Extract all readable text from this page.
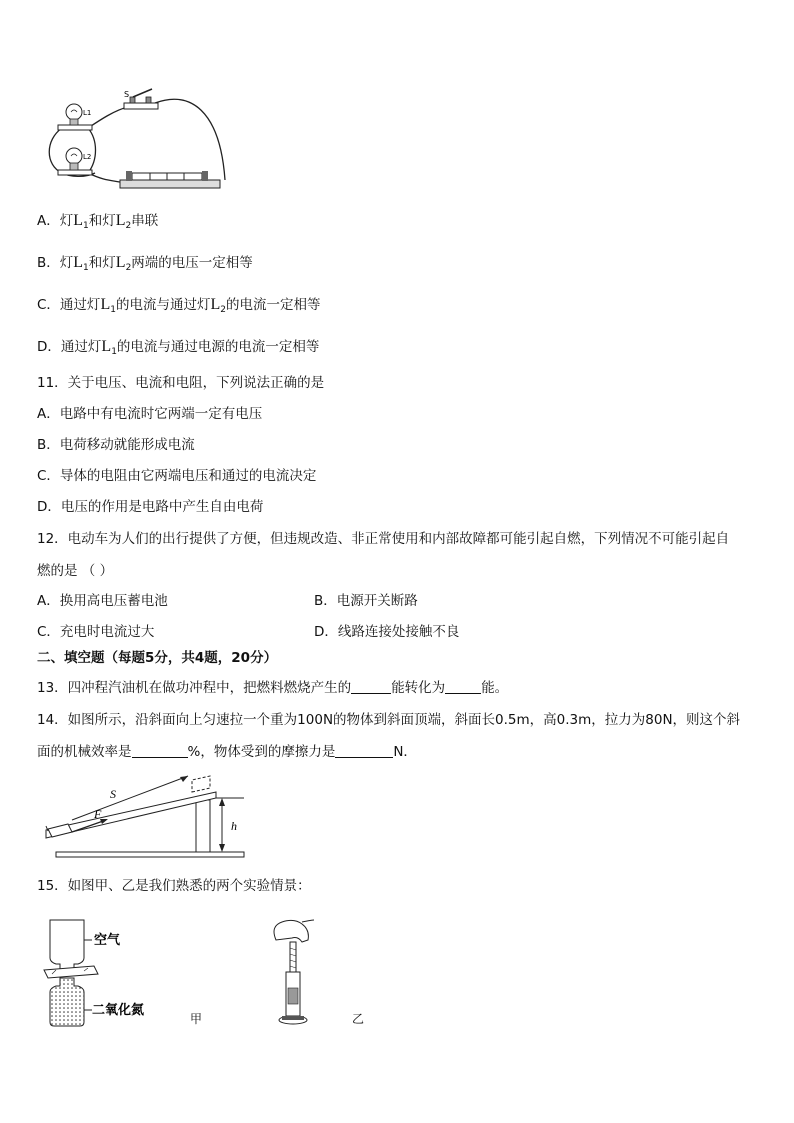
S
L1
L2
A．灯$L_1$和灯$L_2$串联
B．灯$L_1$和灯$L_2$两端的电压一定相等
C．通过灯$L_1$的电流与通过灯$L_2$的电流一定相等
D．通过灯$L_1$的电流与通过电源的电流一定相等
11．关于电压、电流和电阻，下列说法正确的是
A．电路中有电流时它两端一定有电压
B．电荷移动就能形成电流
C．导体的电阻由它两端电压和通过的电流决定
D．电压的作用是电路中产生自由电荷
12．电动车为人们的出行提供了方便，但违规改造、非正常使用和内部故障都可能引起自燃，下列情况不可能引起自
燃的是 （ ）
A．换用高电压蓄电池	B．电源开关断路
C．充电时电流过大	D．线路连接处接触不良
二、填空题（每题5分，共4题，20分）
13．四冲程汽油机在做功冲程中，把燃料燃烧产生的	能转化为	能。
14．如图所示，沿斜面向上匀速拉一个重为100N的物体到斜面顶端，斜面长0.5m，高0.3m，拉力为80N，则这个斜
面的机械效率是	%，物体受到的摩擦力是	N．
S
F
h
15．如图甲、乙是我们熟悉的两个实验情景：
空气
二氧化氮
甲	乙
